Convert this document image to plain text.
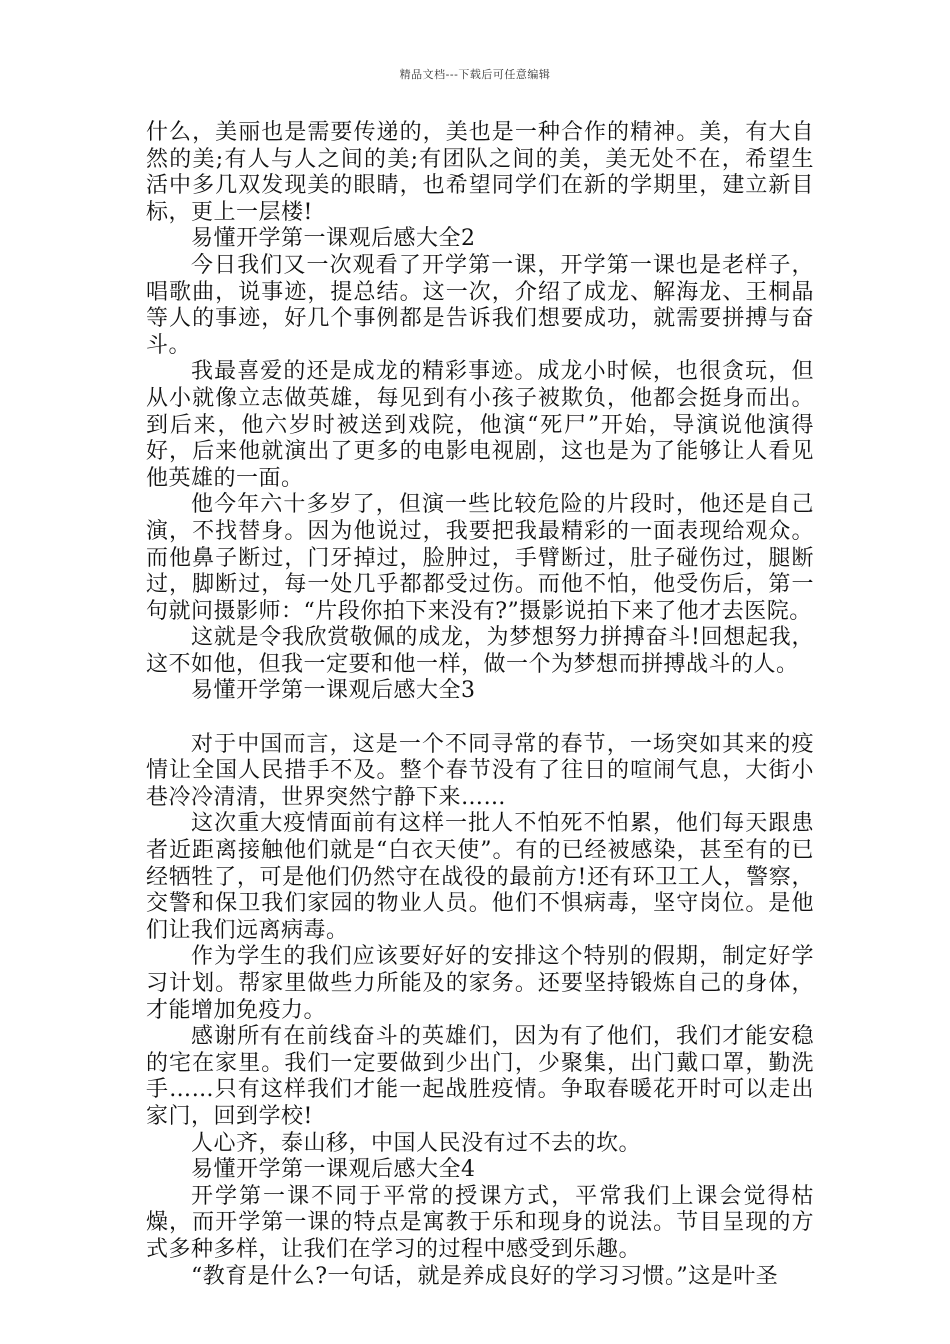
精品文档---下载后可任意编辑

什么，美丽也是需要传递的，美也是一种合作的精神。美，有大自然的美;有人与人之间的美;有团队之间的美，美无处不在，希望生活中多几双发现美的眼睛，也希望同学们在新的学期里，建立新目标，更上一层楼!

易懂开学第一课观后感大全2

今日我们又一次观看了开学第一课，开学第一课也是老样子，唱歌曲，说事迹，提总结。这一次，介绍了成龙、解海龙、王桐晶等人的事迹，好几个事例都是告诉我们想要成功，就需要拼搏与奋斗。

我最喜爱的还是成龙的精彩事迹。成龙小时候，也很贪玩，但从小就像立志做英雄，每见到有小孩子被欺负，他都会挺身而出。到后来，他六岁时被送到戏院，他演“死尸”开始，导演说他演得好，后来他就演出了更多的电影电视剧，这也是为了能够让人看见他英雄的一面。

他今年六十多岁了，但演一些比较危险的片段时，他还是自己演，不找替身。因为他说过，我要把我最精彩的一面表现给观众。而他鼻子断过，门牙掉过，脸肿过，手臂断过，肚子碰伤过，腿断过，脚断过，每一处几乎都都受过伤。而他不怕，他受伤后，第一句就问摄影师：“片段你拍下来没有?”摄影说拍下来了他才去医院。

这就是令我欣赏敬佩的成龙，为梦想努力拼搏奋斗!回想起我，这不如他，但我一定要和他一样，做一个为梦想而拼搏战斗的人。

易懂开学第一课观后感大全3

对于中国而言，这是一个不同寻常的春节，一场突如其来的疫情让全国人民措手不及。整个春节没有了往日的喧闹气息，大街小巷冷冷清清，世界突然宁静下来……

这次重大疫情面前有这样一批人不怕死不怕累，他们每天跟患者近距离接触他们就是“白衣天使”。有的已经被感染，甚至有的已经牺牲了，可是他们仍然守在战役的最前方!还有环卫工人，警察，交警和保卫我们家园的物业人员。他们不惧病毒，坚守岗位。是他们让我们远离病毒。

作为学生的我们应该要好好的安排这个特别的假期，制定好学习计划。帮家里做些力所能及的家务。还要坚持锻炼自己的身体，才能增加免疫力。

感谢所有在前线奋斗的英雄们，因为有了他们，我们才能安稳的宅在家里。我们一定要做到少出门，少聚集，出门戴口罩，勤洗手……只有这样我们才能一起战胜疫情。争取春暖花开时可以走出家门，回到学校!

人心齐，泰山移，中国人民没有过不去的坎。

易懂开学第一课观后感大全4

开学第一课不同于平常的授课方式，平常我们上课会觉得枯燥，而开学第一课的特点是寓教于乐和现身的说法。节目呈现的方式多种多样，让我们在学习的过程中感受到乐趣。

“教育是什么?一句话，就是养成良好的学习习惯。”这是叶圣
